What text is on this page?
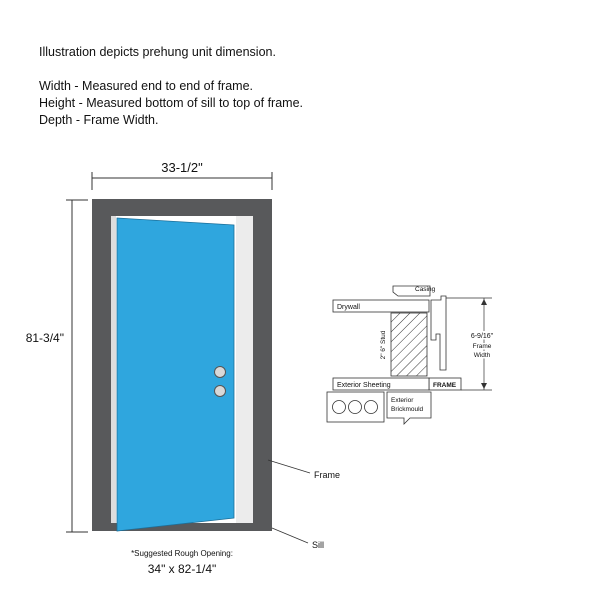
Illustration depicts prehung unit dimension.

Width - Measured end to end of frame.

Height - Measured bottom of sill to top of frame.

Depth - Frame Width.

33-1/2"
81-3/4"
Frame
Sill
*Suggested Rough Opening:
34" x 82-1/4"
Casing
Drywall
2" 6" Stud
FRAME
Exterior Sheeting
Exterior
Brickmould
6-9/16"
Frame
Width
